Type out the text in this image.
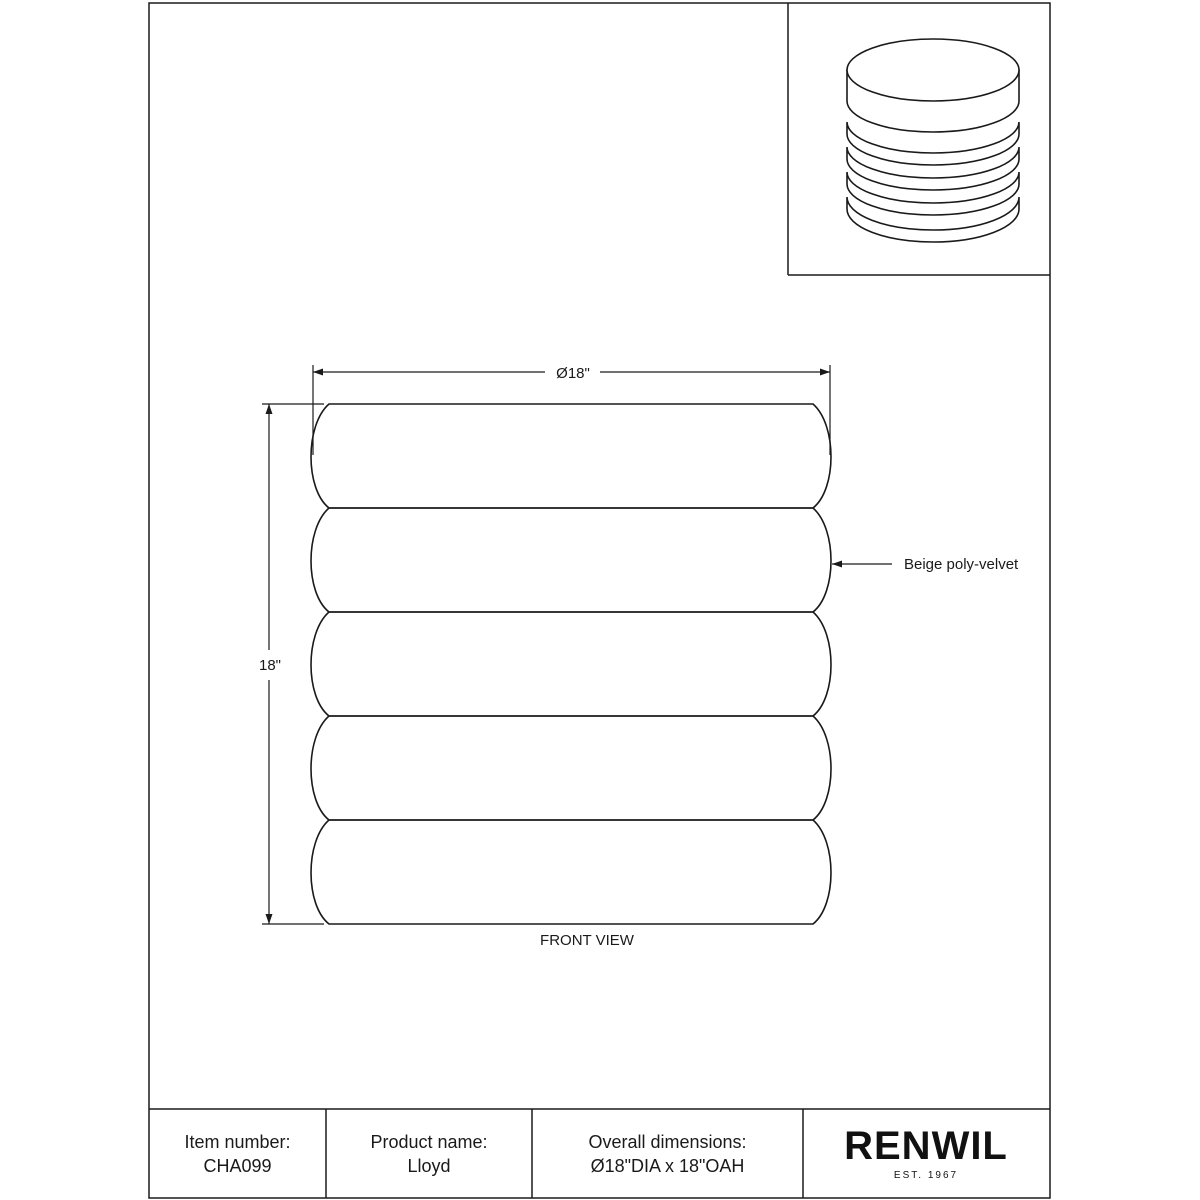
Ø18"
18"
Beige poly-velvet
FRONT VIEW
Item number:
CHA099
Product name:
Lloyd
Overall dimensions:
Ø18"DIA x 18"OAH RENWIL
EST. 1967
